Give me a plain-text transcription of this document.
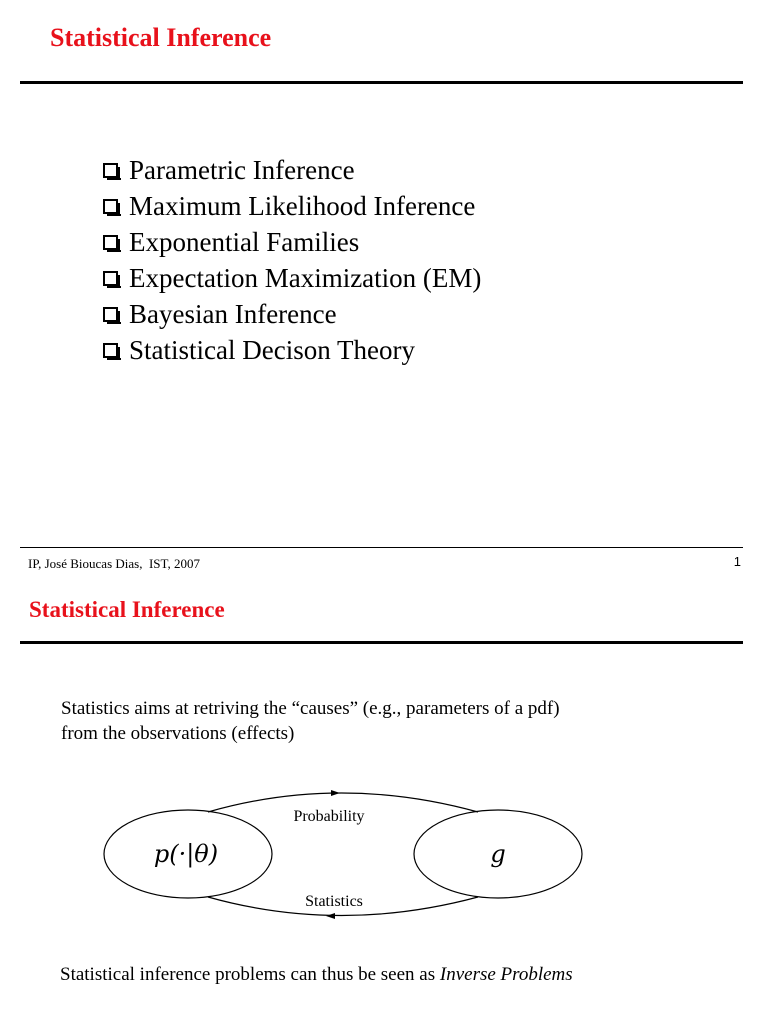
Statistical Inference
Parametric Inference
Maximum Likelihood Inference
Exponential Families
Expectation Maximization (EM)
Bayesian Inference
Statistical Decison Theory
IP, José Bioucas Dias,  IST, 2007	1
Statistical Inference
Statistics aims at retriving the “causes” (e.g., parameters of a pdf)
from the observations (effects)
p(·|θ)	g
Probability
Statistics
Statistical inference problems can thus be seen as Inverse Problems
